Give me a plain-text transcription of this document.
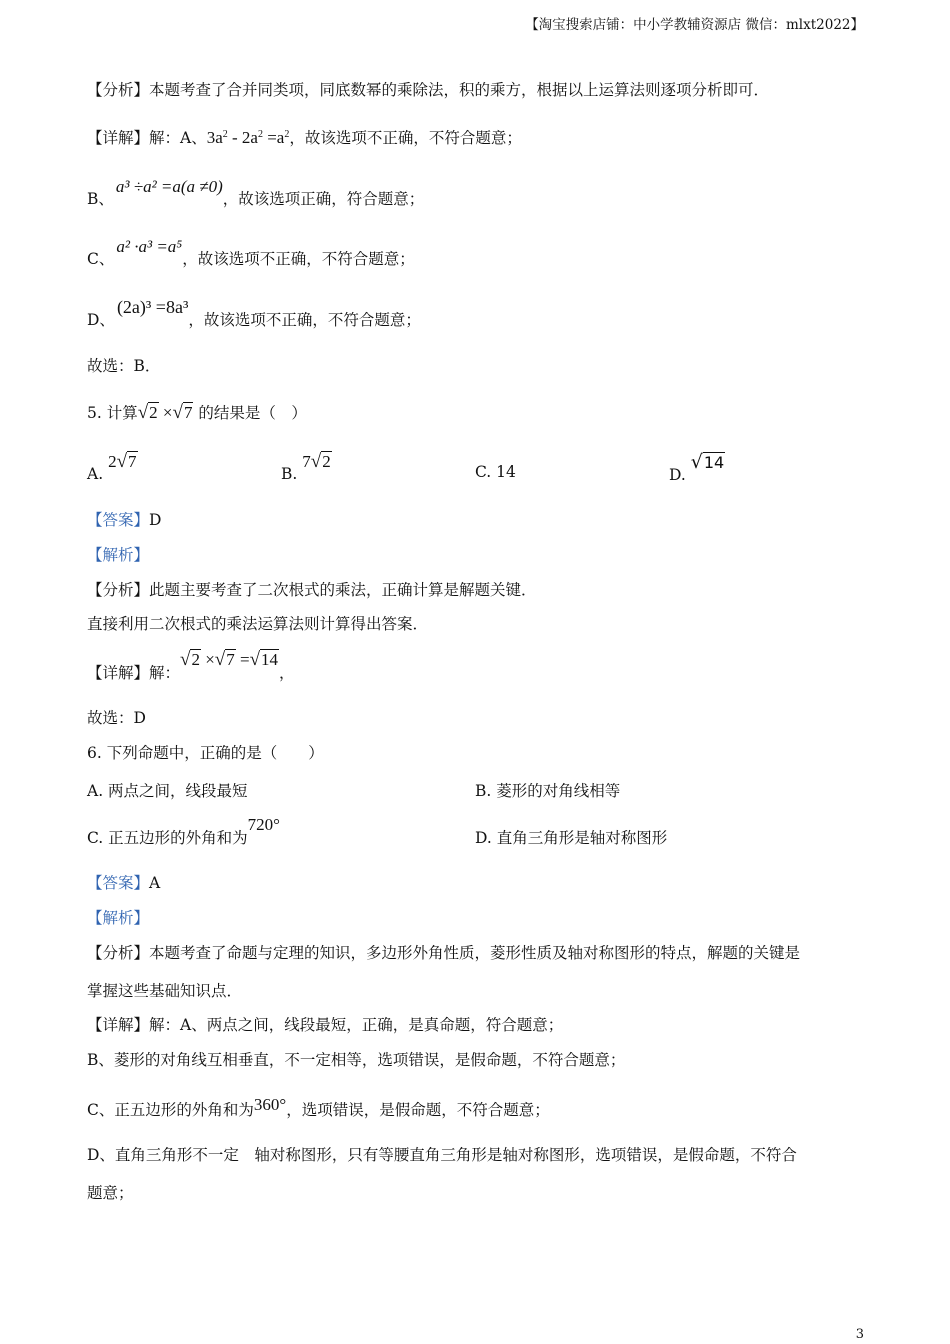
【淘宝搜索店铺：中小学教辅资源店 微信：mlxt2022】
【分析】本题考查了合并同类项，同底数幂的乘除法，积的乘方，根据以上运算法则逐项分析即可．
【详解】解：A、$3a^2 - 2a^2 =a^2$，故该选项不正确，不符合题意；
B、a³ ÷a² =a(a ≠0)，故该选项正确，符合题意；
C、a² ·a³ =a⁵，故该选项不正确，不符合题意；
D、(2a)³ =8a³，故该选项不正确，不符合题意；
故选：B．
5. 计算√2 ×√7 的结果是（　）
A. 2√7
B. 7√2
C. 14	D. √14
【答案】D
【解析】
【分析】此题主要考查了二次根式的乘法，正确计算是解题关键．
直接利用二次根式的乘法运算法则计算得出答案．
【详解】解：√2 ×√7 =√14，
故选：D
6. 下列命题中，正确的是（　　）
A. 两点之间，线段最短	B. 菱形的对角线相等
C. 正五边形的外角和为720°
D. 直角三角形是轴对称图形
【答案】A
【解析】
【分析】本题考查了命题与定理的知识，多边形外角性质，菱形性质及轴对称图形的特点，解题的关键是
掌握这些基础知识点．
【详解】解：A、两点之间，线段最短，正确，是真命题，符合题意；
B、菱形的对角线互相垂直，不一定相等，选项错误，是假命题，不符合题意；
C、正五边形的外角和为360°，选项错误，是假命题，不符合题意；
D、直角三角形不一定　轴对称图形，只有等腰直角三角形是轴对称图形，选项错误，是假命题，不符合
题意；
3
